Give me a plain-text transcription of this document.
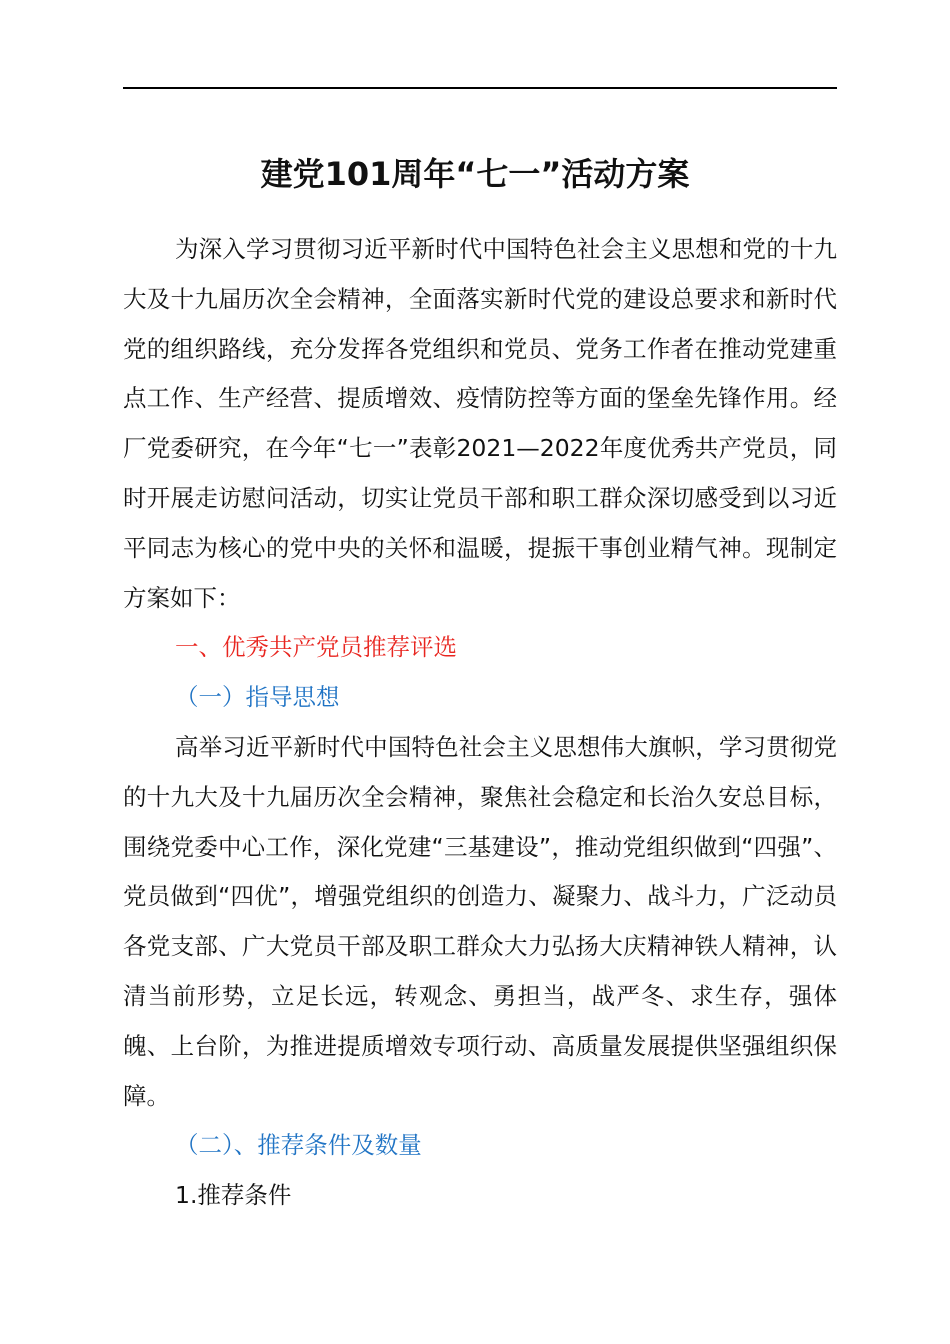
建党101周年“七一”活动方案

为深入学习贯彻习近平新时代中国特色社会主义思想和党的十九大及十九届历次全会精神，全面落实新时代党的建设总要求和新时代党的组织路线，充分发挥各党组织和党员、党务工作者在推动党建重点工作、生产经营、提质增效、疫情防控等方面的堡垒先锋作用。经厂党委研究，在今年“七一”表彰2021—2022年度优秀共产党员，同时开展走访慰问活动，切实让党员干部和职工群众深切感受到以习近平同志为核心的党中央的关怀和温暖，提振干事创业精气神。现制定方案如下：

一、优秀共产党员推荐评选

（一）指导思想

高举习近平新时代中国特色社会主义思想伟大旗帜，学习贯彻党的十九大及十九届历次全会精神，聚焦社会稳定和长治久安总目标，围绕党委中心工作，深化党建“三基建设”，推动党组织做到“四强”、党员做到“四优”，增强党组织的创造力、凝聚力、战斗力，广泛动员各党支部、广大党员干部及职工群众大力弘扬大庆精神铁人精神，认清当前形势，立足长远，转观念、勇担当，战严冬、求生存，强体魄、上台阶，为推进提质增效专项行动、高质量发展提供坚强组织保障。

（二）、推荐条件及数量

1.推荐条件
